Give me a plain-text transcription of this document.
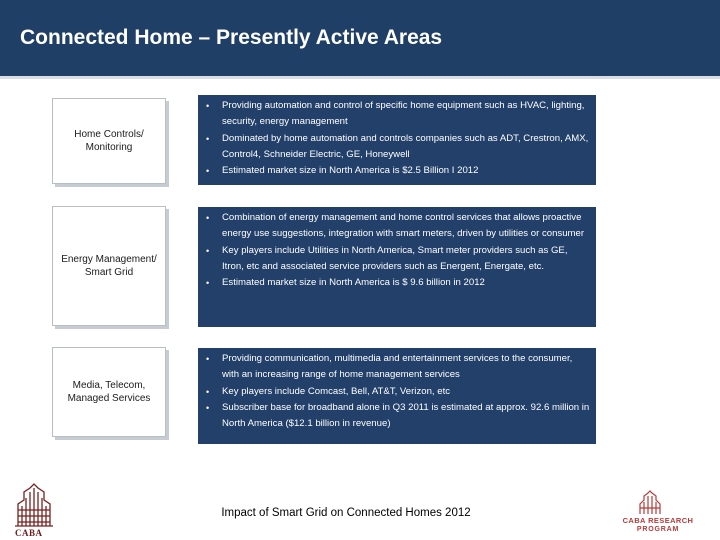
Connected Home – Presently Active Areas
Home Controls/ Monitoring
• Providing automation and control of specific home equipment such as HVAC, lighting, security, energy management
• Dominated by home automation and controls companies such as ADT, Crestron, AMX, Control4, Schneider Electric, GE, Honeywell
• Estimated market size in North America is $2.5 Billion I 2012
Energy Management/ Smart Grid
• Combination of energy management and home control services that allows proactive energy use suggestions, integration with smart meters, driven by utilities or consumer
• Key players include Utilities in North America, Smart meter providers such as GE, Itron, etc and associated service providers such as Energent, Energate, etc.
• Estimated market size in North America is $ 9.6 billion in 2012
Media, Telecom, Managed Services
• Providing communication, multimedia and entertainment services to the consumer, with an increasing range of home management services
• Key players include Comcast, Bell, AT&T, Verizon, etc
• Subscriber base for broadband alone in Q3 2011 is estimated at approx. 92.6 million in North America ($12.1 billion in revenue)
CABA
Impact of Smart Grid on Connected Homes 2012
CABA RESEARCH
PROGRAM
